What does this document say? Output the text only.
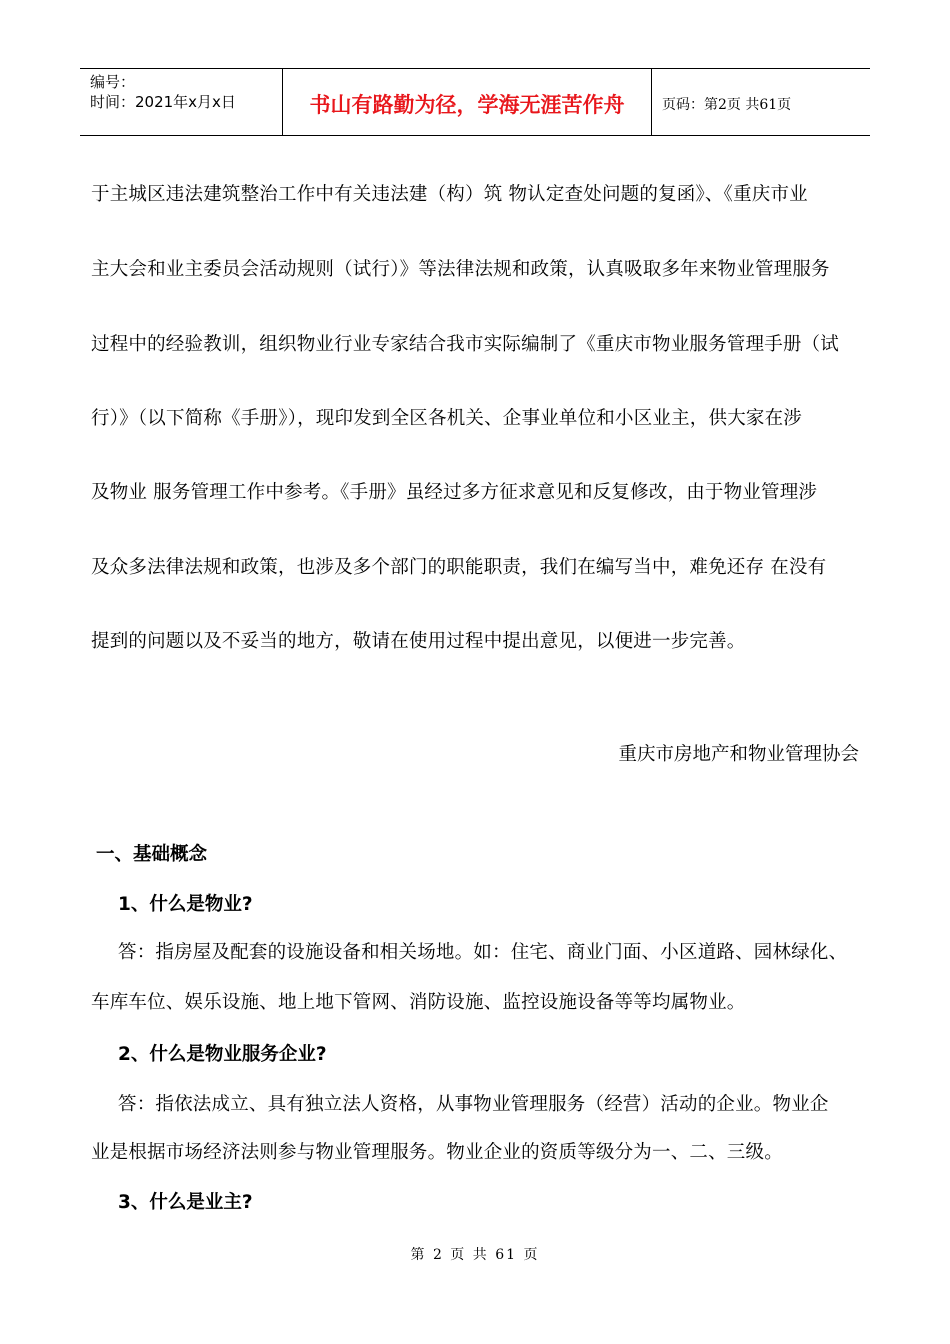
编号：
时间：2021年x月x日	书山有路勤为径，学海无涯苦作舟	页码：第2页 共61页
于主城区违法建筑整治工作中有关违法建（构）筑 物认定查处问题的复函》、《重庆市业
主大会和业主委员会活动规则（试行）》等法律法规和政策，认真吸取多年来物业管理服务
过程中的经验教训，组织物业行业专家结合我市实际编制了《重庆市物业服务管理手册（试
行）》（以下简称《手册》），现印发到全区各机关、企事业单位和小区业主，供大家在涉
及物业 服务管理工作中参考。《手册》虽经过多方征求意见和反复修改，由于物业管理涉
及众多法律法规和政策，也涉及多个部门的职能职责，我们在编写当中，难免还存 在没有
提到的问题以及不妥当的地方，敬请在使用过程中提出意见，以便进一步完善。
重庆市房地产和物业管理协会
一、基础概念
1、什么是物业?
答：指房屋及配套的设施设备和相关场地。如：住宅、商业门面、小区道路、园林绿化、
车库车位、娱乐设施、地上地下管网、消防设施、监控设施设备等等均属物业。
2、什么是物业服务企业?
答：指依法成立、具有独立法人资格，从事物业管理服务（经营）活动的企业。物业企
业是根据市场经济法则参与物业管理服务。物业企业的资质等级分为一、二、三级。
3、什么是业主?
第 2 页 共 61 页
